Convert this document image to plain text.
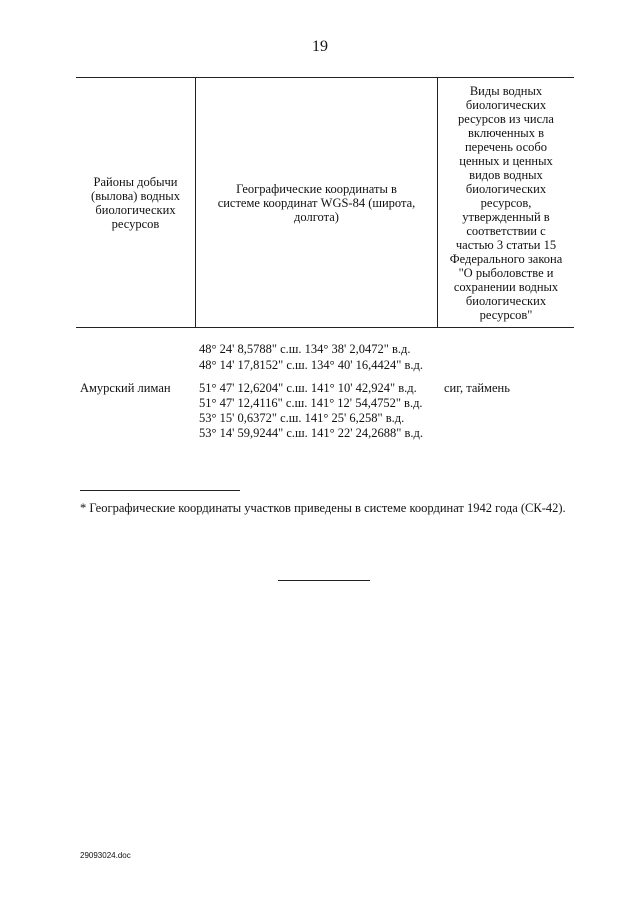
19
Районы добычи (вылова) водных биологических ресурсов
Географические координаты в системе координат WGS-84 (широта, долгота)
Виды водных биологических ресурсов из числа включенных в перечень особо ценных и ценных видов водных биологических ресурсов, утвержденный в соответствии с частью 3 статьи 15 Федерального закона "О рыболовстве и сохранении водных биологических ресурсов"
48° 24' 8,5788" с.ш. 134° 38' 2,0472" в.д.
48° 14' 17,8152" с.ш. 134° 40' 16,4424" в.д.
Амурский лиман 51° 47' 12,6204" с.ш. 141° 10' 42,924" в.д.
51° 47' 12,4116" с.ш. 141° 12' 54,4752" в.д.
53° 15' 0,6372" с.ш. 141° 25' 6,258" в.д.
53° 14' 59,9244" с.ш. 141° 22' 24,2688" в.д.
сиг, таймень
* Географические координаты участков приведены в системе координат 1942 года (СК-42).
29093024.doc
